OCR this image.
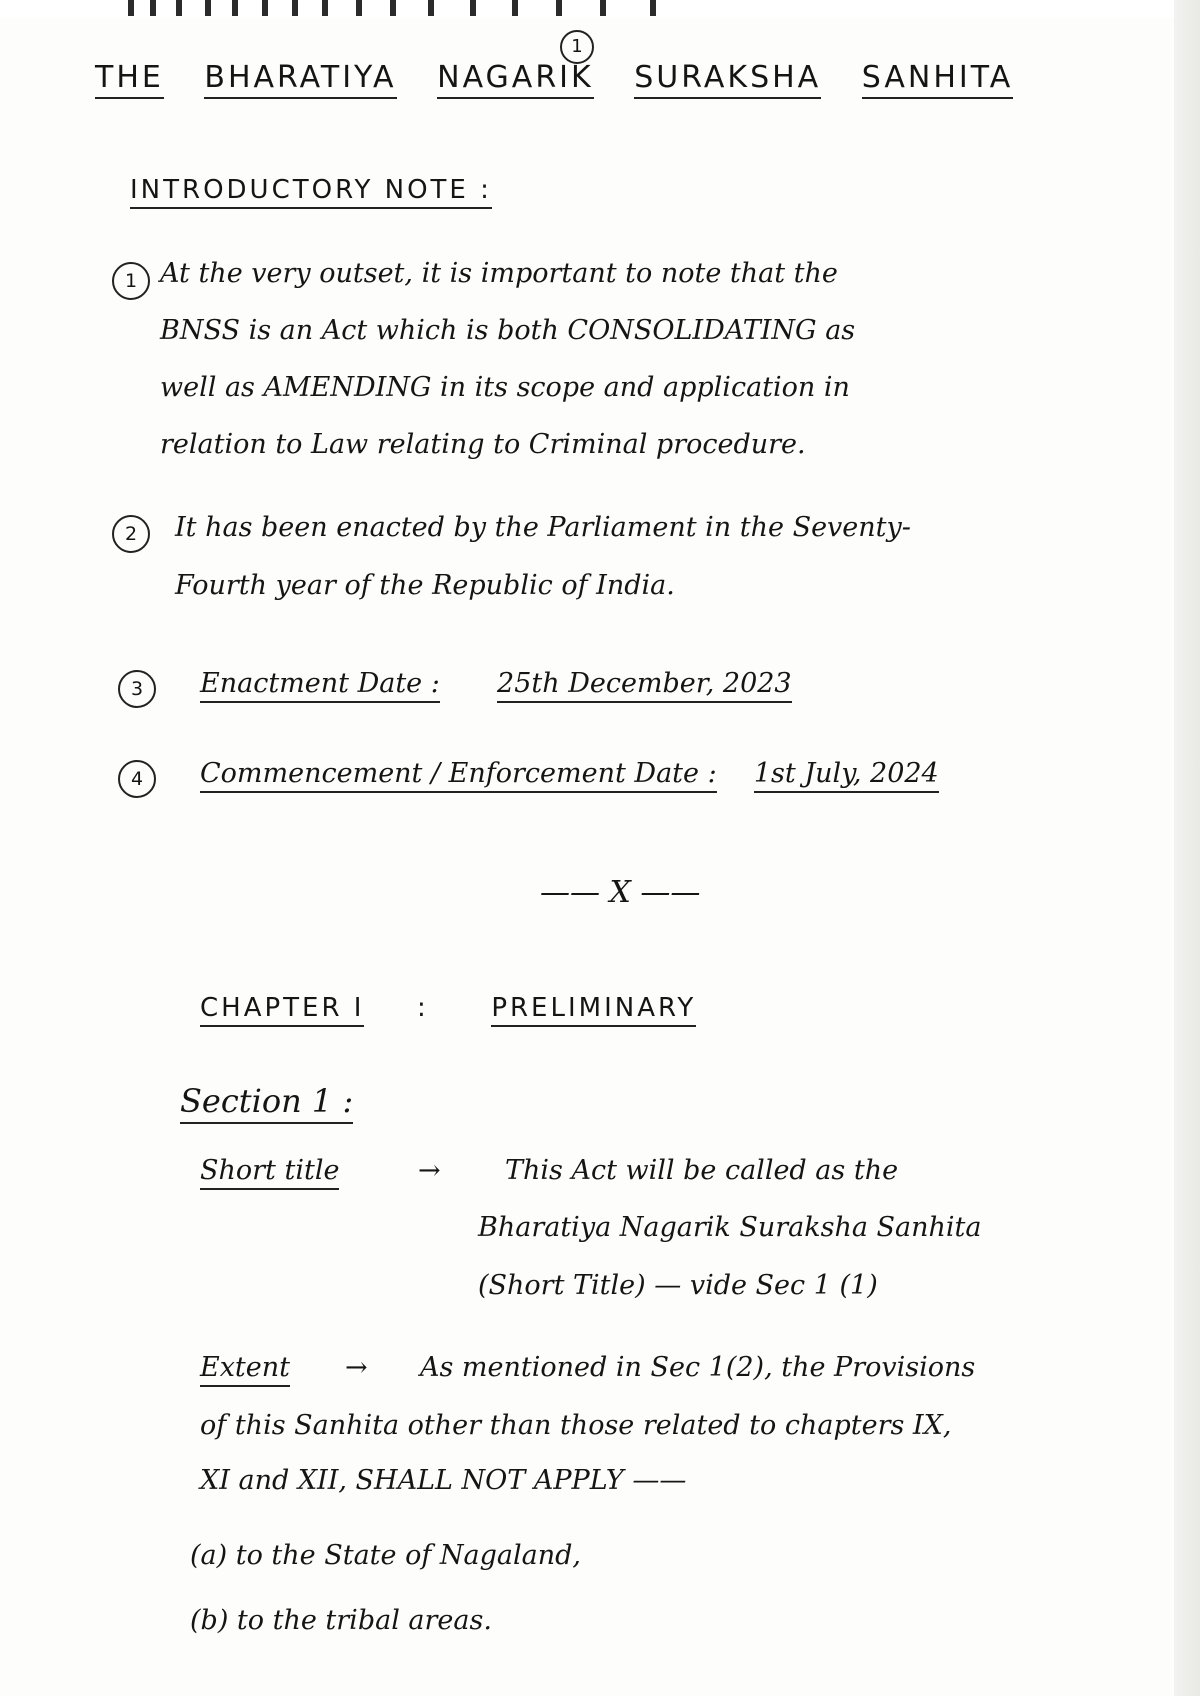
1
THE BHARATIYA NAGARIK SURAKSHA SANHITA
INTRODUCTORY NOTE :
1 At the very outset, it is important to note that the
BNSS is an Act which is both CONSOLIDATING as
well as AMENDING in its scope and application in
relation to Law relating to Criminal procedure.
2	It has been enacted by the Parliament in the Seventy-
Fourth year of the Republic of India.
3	Enactment Date : 25th December, 2023
4	Commencement / Enforcement Date : 1st July, 2024
—— X ——
CHAPTER I : PRELIMINARY
Section 1 :
Short title	→ This Act will be called as the
Bharatiya Nagarik Suraksha Sanhita
(Short Title) — vide Sec 1 (1)
Extent → As mentioned in Sec 1(2), the Provisions
of this Sanhita other than those related to chapters IX,
XI and XII, SHALL NOT APPLY ——
(a) to the State of Nagaland,
(b) to the tribal areas.
